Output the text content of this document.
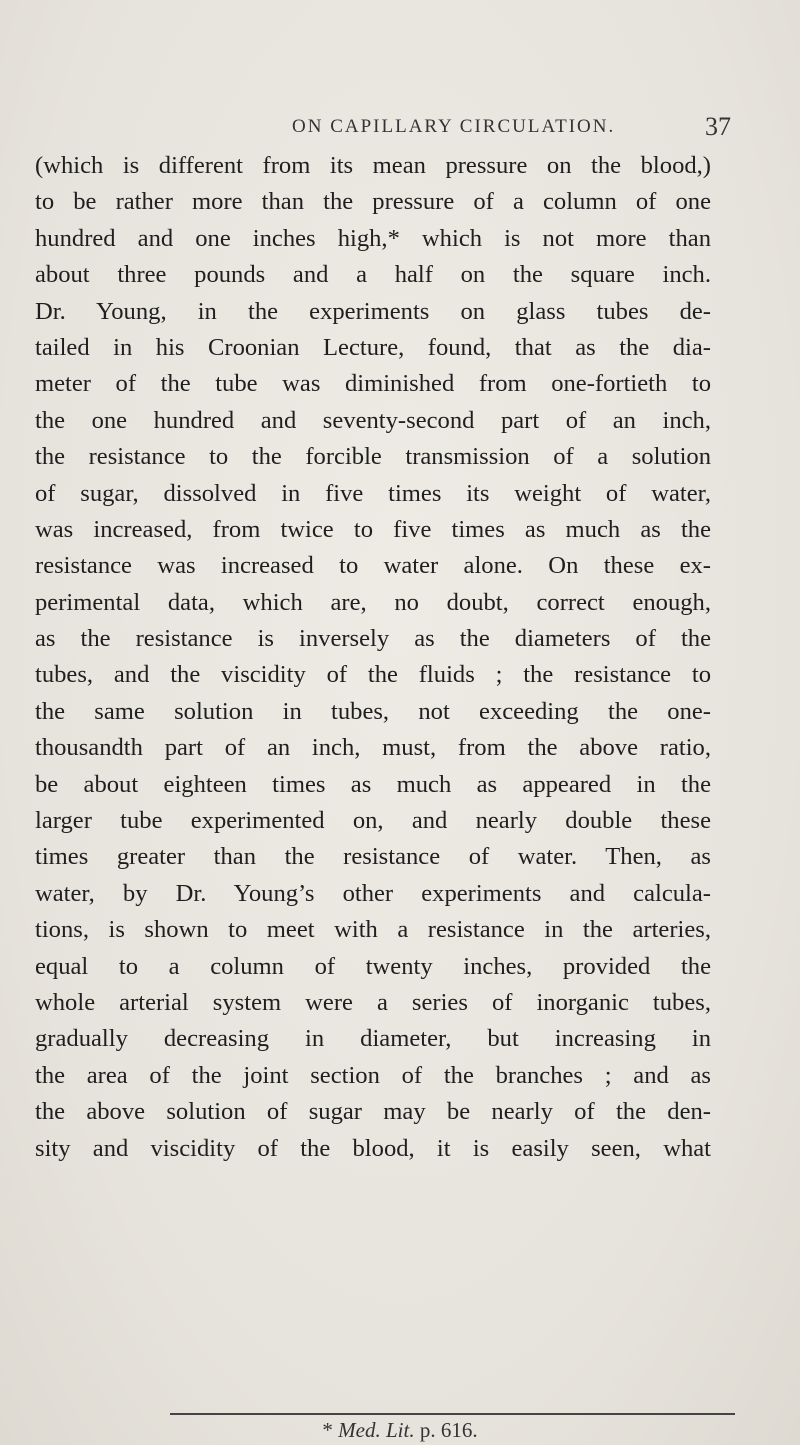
ON CAPILLARY CIRCULATION.	37
(which is different from its mean pressure on the blood,)
to be rather more than the pressure of a column of one
hundred and one inches high,* which is not more than
about three pounds and a half on the square inch.
Dr. Young, in the experiments on glass tubes de-
tailed in his Croonian Lecture, found, that as the dia-
meter of the tube was diminished from one-fortieth to
the one hundred and seventy-second part of an inch,
the resistance to the forcible transmission of a solution
of sugar, dissolved in five times its weight of water,
was increased, from twice to five times as much as the
resistance was increased to water alone. On these ex-
perimental data, which are, no doubt, correct enough,
as the resistance is inversely as the diameters of the
tubes, and the viscidity of the fluids ; the resistance to
the same solution in tubes, not exceeding the one-
thousandth part of an inch, must, from the above ratio,
be about eighteen times as much as appeared in the
larger tube experimented on, and nearly double these
times greater than the resistance of water. Then, as
water, by Dr. Young’s other experiments and calcula-
tions, is shown to meet with a resistance in the arteries,
equal to a column of twenty inches, provided the
whole arterial system were a series of inorganic tubes,
gradually decreasing in diameter, but increasing in
the area of the joint section of the branches ; and as
the above solution of sugar may be nearly of the den-
sity and viscidity of the blood, it is easily seen, what
* Med. Lit. p. 616.
